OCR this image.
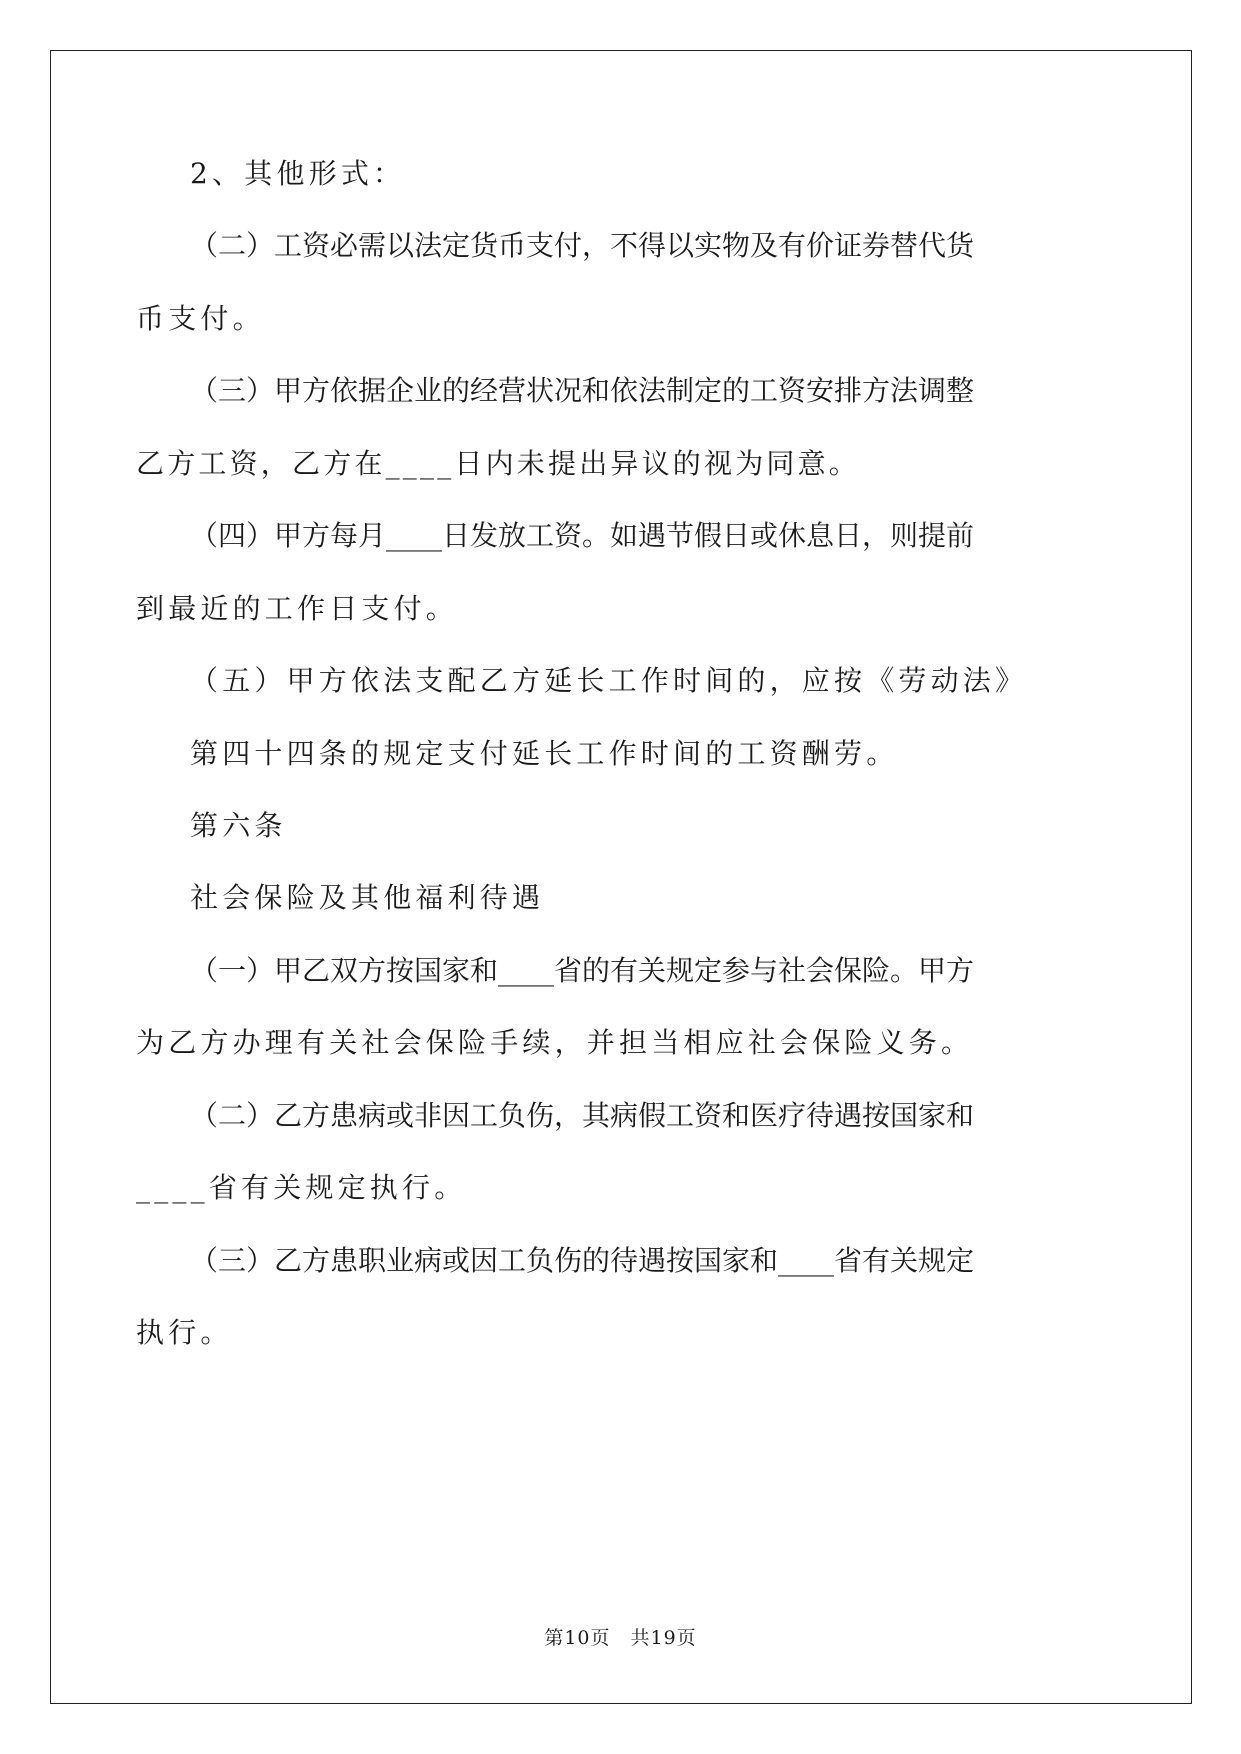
2、其他形式：
（二）工资必需以法定货币支付，不得以实物及有价证券替代货
币支付。
（三）甲方依据企业的经营状况和依法制定的工资安排方法调整
乙方工资，乙方在____日内未提出异议的视为同意。
（四）甲方每月____日发放工资。如遇节假日或休息日，则提前
到最近的工作日支付。
（五）甲方依法支配乙方延长工作时间的，应按《劳动法》
第四十四条的规定支付延长工作时间的工资酬劳。
第六条
社会保险及其他福利待遇
（一）甲乙双方按国家和____省的有关规定参与社会保险。甲方
为乙方办理有关社会保险手续，并担当相应社会保险义务。
（二）乙方患病或非因工负伤，其病假工资和医疗待遇按国家和
____省有关规定执行。
（三）乙方患职业病或因工负伤的待遇按国家和____省有关规定
执行。
第10页　共19页
